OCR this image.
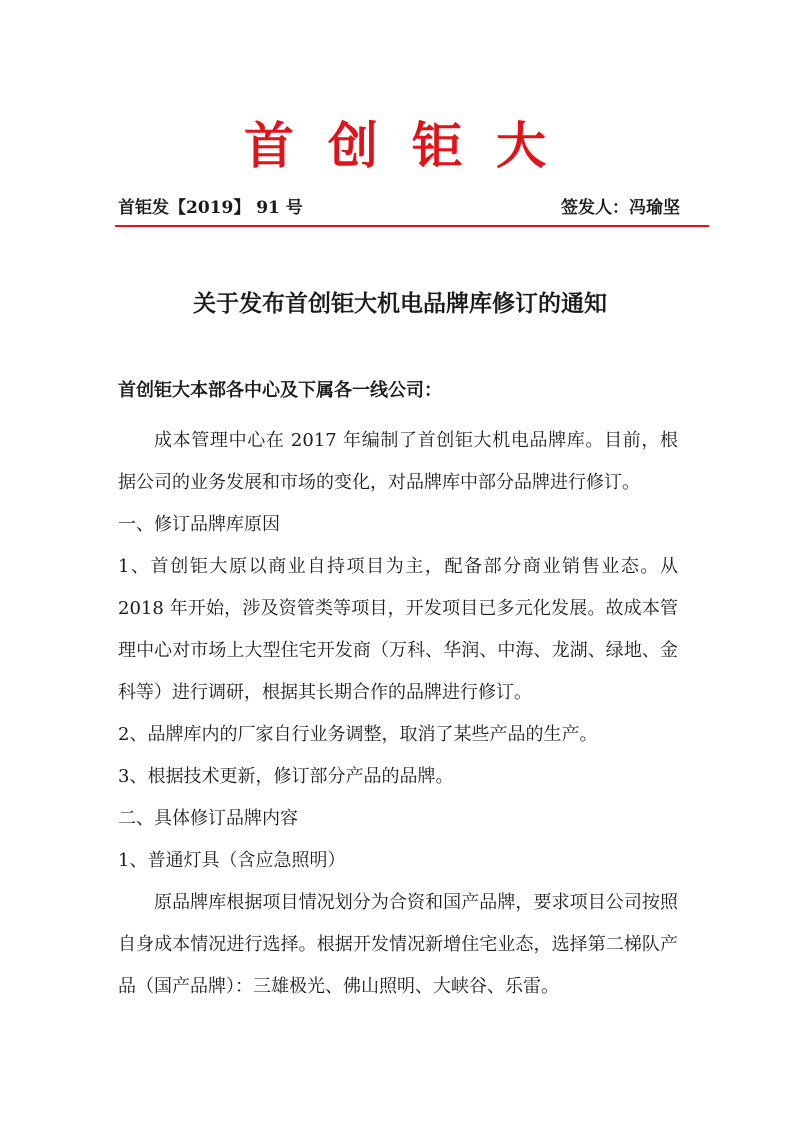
首创钜大
首钜发【2019】 91 号	签发人：冯瑜坚
关于发布首创钜大机电品牌库修订的通知
首创钜大本部各中心及下属各一线公司：

成本管理中心在 2017 年编制了首创钜大机电品牌库。目前，根据公司的业务发展和市场的变化，对品牌库中部分品牌进行修订。

一、修订品牌库原因

1、首创钜大原以商业自持项目为主，配备部分商业销售业态。从 2018 年开始，涉及资管类等项目，开发项目已多元化发展。故成本管理中心对市场上大型住宅开发商（万科、华润、中海、龙湖、绿地、金科等）进行调研，根据其长期合作的品牌进行修订。

2、品牌库内的厂家自行业务调整，取消了某些产品的生产。

3、根据技术更新，修订部分产品的品牌。

二、具体修订品牌内容

1、普通灯具（含应急照明）

原品牌库根据项目情况划分为合资和国产品牌，要求项目公司按照自身成本情况进行选择。根据开发情况新增住宅业态，选择第二梯队产品（国产品牌）：三雄极光、佛山照明、大峡谷、乐雷。
